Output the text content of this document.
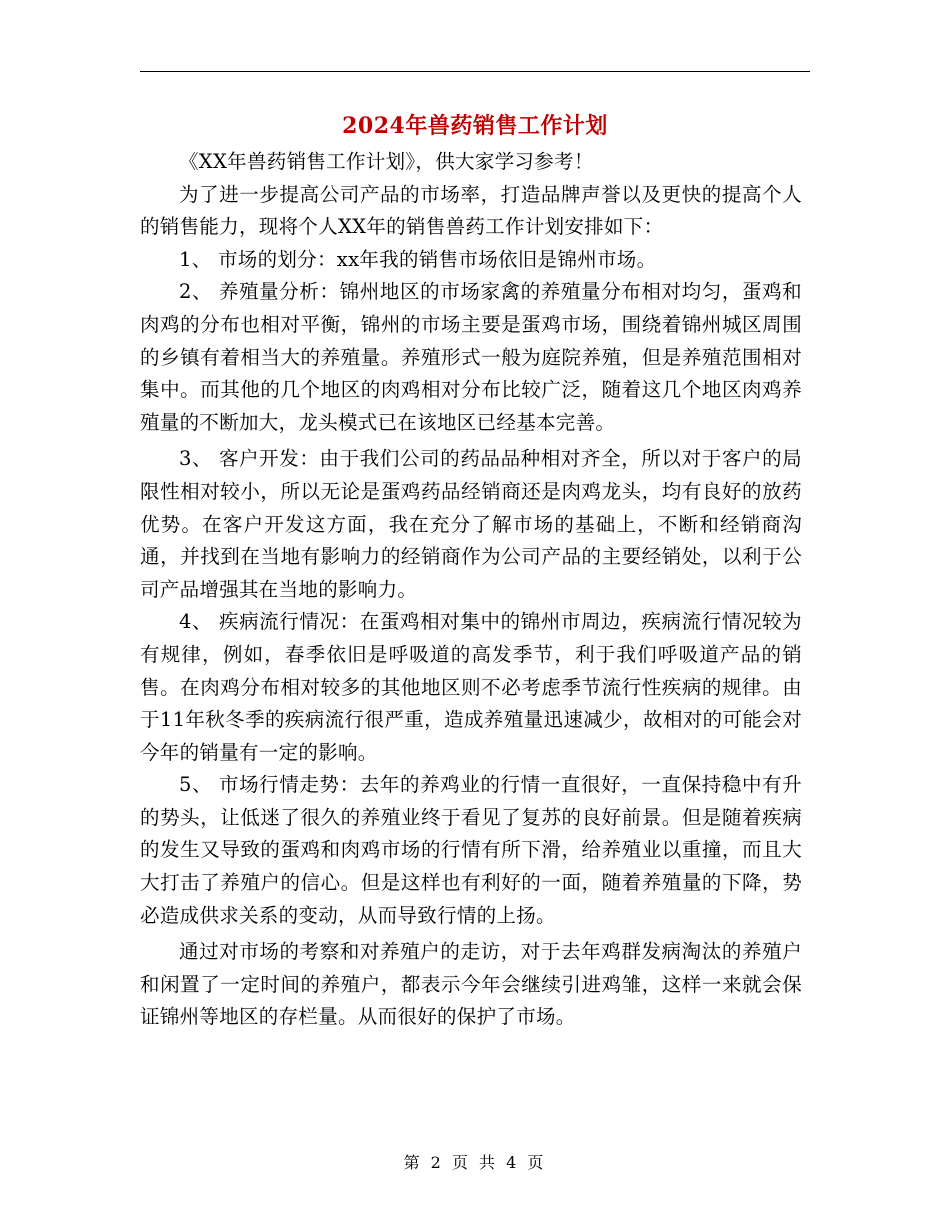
2024年兽药销售工作计划

《XX年兽药销售工作计划》，供大家学习参考！

为了进一步提高公司产品的市场率，打造品牌声誉以及更快的提高个人的销售能力，现将个人XX年的销售兽药工作计划安排如下：

1、 市场的划分：xx年我的销售市场依旧是锦州市场。

2、 养殖量分析：锦州地区的市场家禽的养殖量分布相对均匀，蛋鸡和肉鸡的分布也相对平衡，锦州的市场主要是蛋鸡市场，围绕着锦州城区周围的乡镇有着相当大的养殖量。养殖形式一般为庭院养殖，但是养殖范围相对集中。而其他的几个地区的肉鸡相对分布比较广泛，随着这几个地区肉鸡养殖量的不断加大，龙头模式已在该地区已经基本完善。

3、 客户开发：由于我们公司的药品品种相对齐全，所以对于客户的局限性相对较小，所以无论是蛋鸡药品经销商还是肉鸡龙头，均有良好的放药优势。在客户开发这方面，我在充分了解市场的基础上，不断和经销商沟通，并找到在当地有影响力的经销商作为公司产品的主要经销处，以利于公司产品增强其在当地的影响力。

4、 疾病流行情况：在蛋鸡相对集中的锦州市周边，疾病流行情况较为有规律，例如，春季依旧是呼吸道的高发季节，利于我们呼吸道产品的销售。在肉鸡分布相对较多的其他地区则不必考虑季节流行性疾病的规律。由于11年秋冬季的疾病流行很严重，造成养殖量迅速减少，故相对的可能会对今年的销量有一定的影响。

5、 市场行情走势：去年的养鸡业的行情一直很好，一直保持稳中有升的势头，让低迷了很久的养殖业终于看见了复苏的良好前景。但是随着疾病的发生又导致的蛋鸡和肉鸡市场的行情有所下滑，给养殖业以重撞，而且大大打击了养殖户的信心。但是这样也有利好的一面，随着养殖量的下降，势必造成供求关系的变动，从而导致行情的上扬。

通过对市场的考察和对养殖户的走访，对于去年鸡群发病淘汰的养殖户和闲置了一定时间的养殖户，都表示今年会继续引进鸡雏，这样一来就会保证锦州等地区的存栏量。从而很好的保护了市场。

第 2 页 共 4 页
